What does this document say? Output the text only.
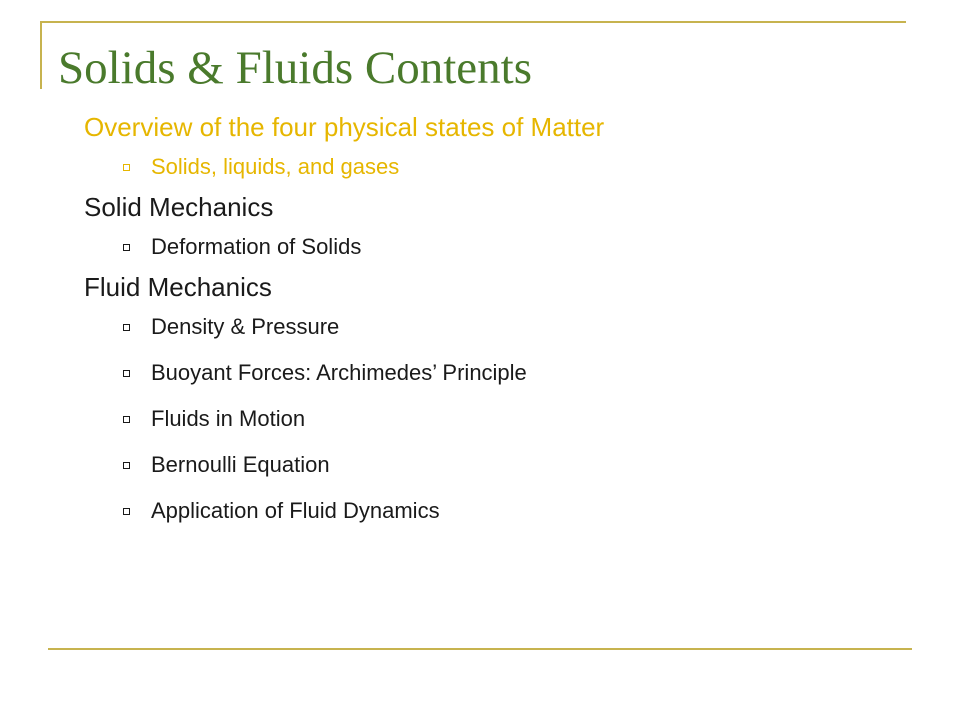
Solids & Fluids Contents
Overview of the four physical states of Matter
Solids, liquids, and gases
Solid Mechanics
Deformation of Solids
Fluid Mechanics
Density & Pressure
Buoyant Forces: Archimedes’ Principle
Fluids in Motion
Bernoulli Equation
Application of Fluid Dynamics
